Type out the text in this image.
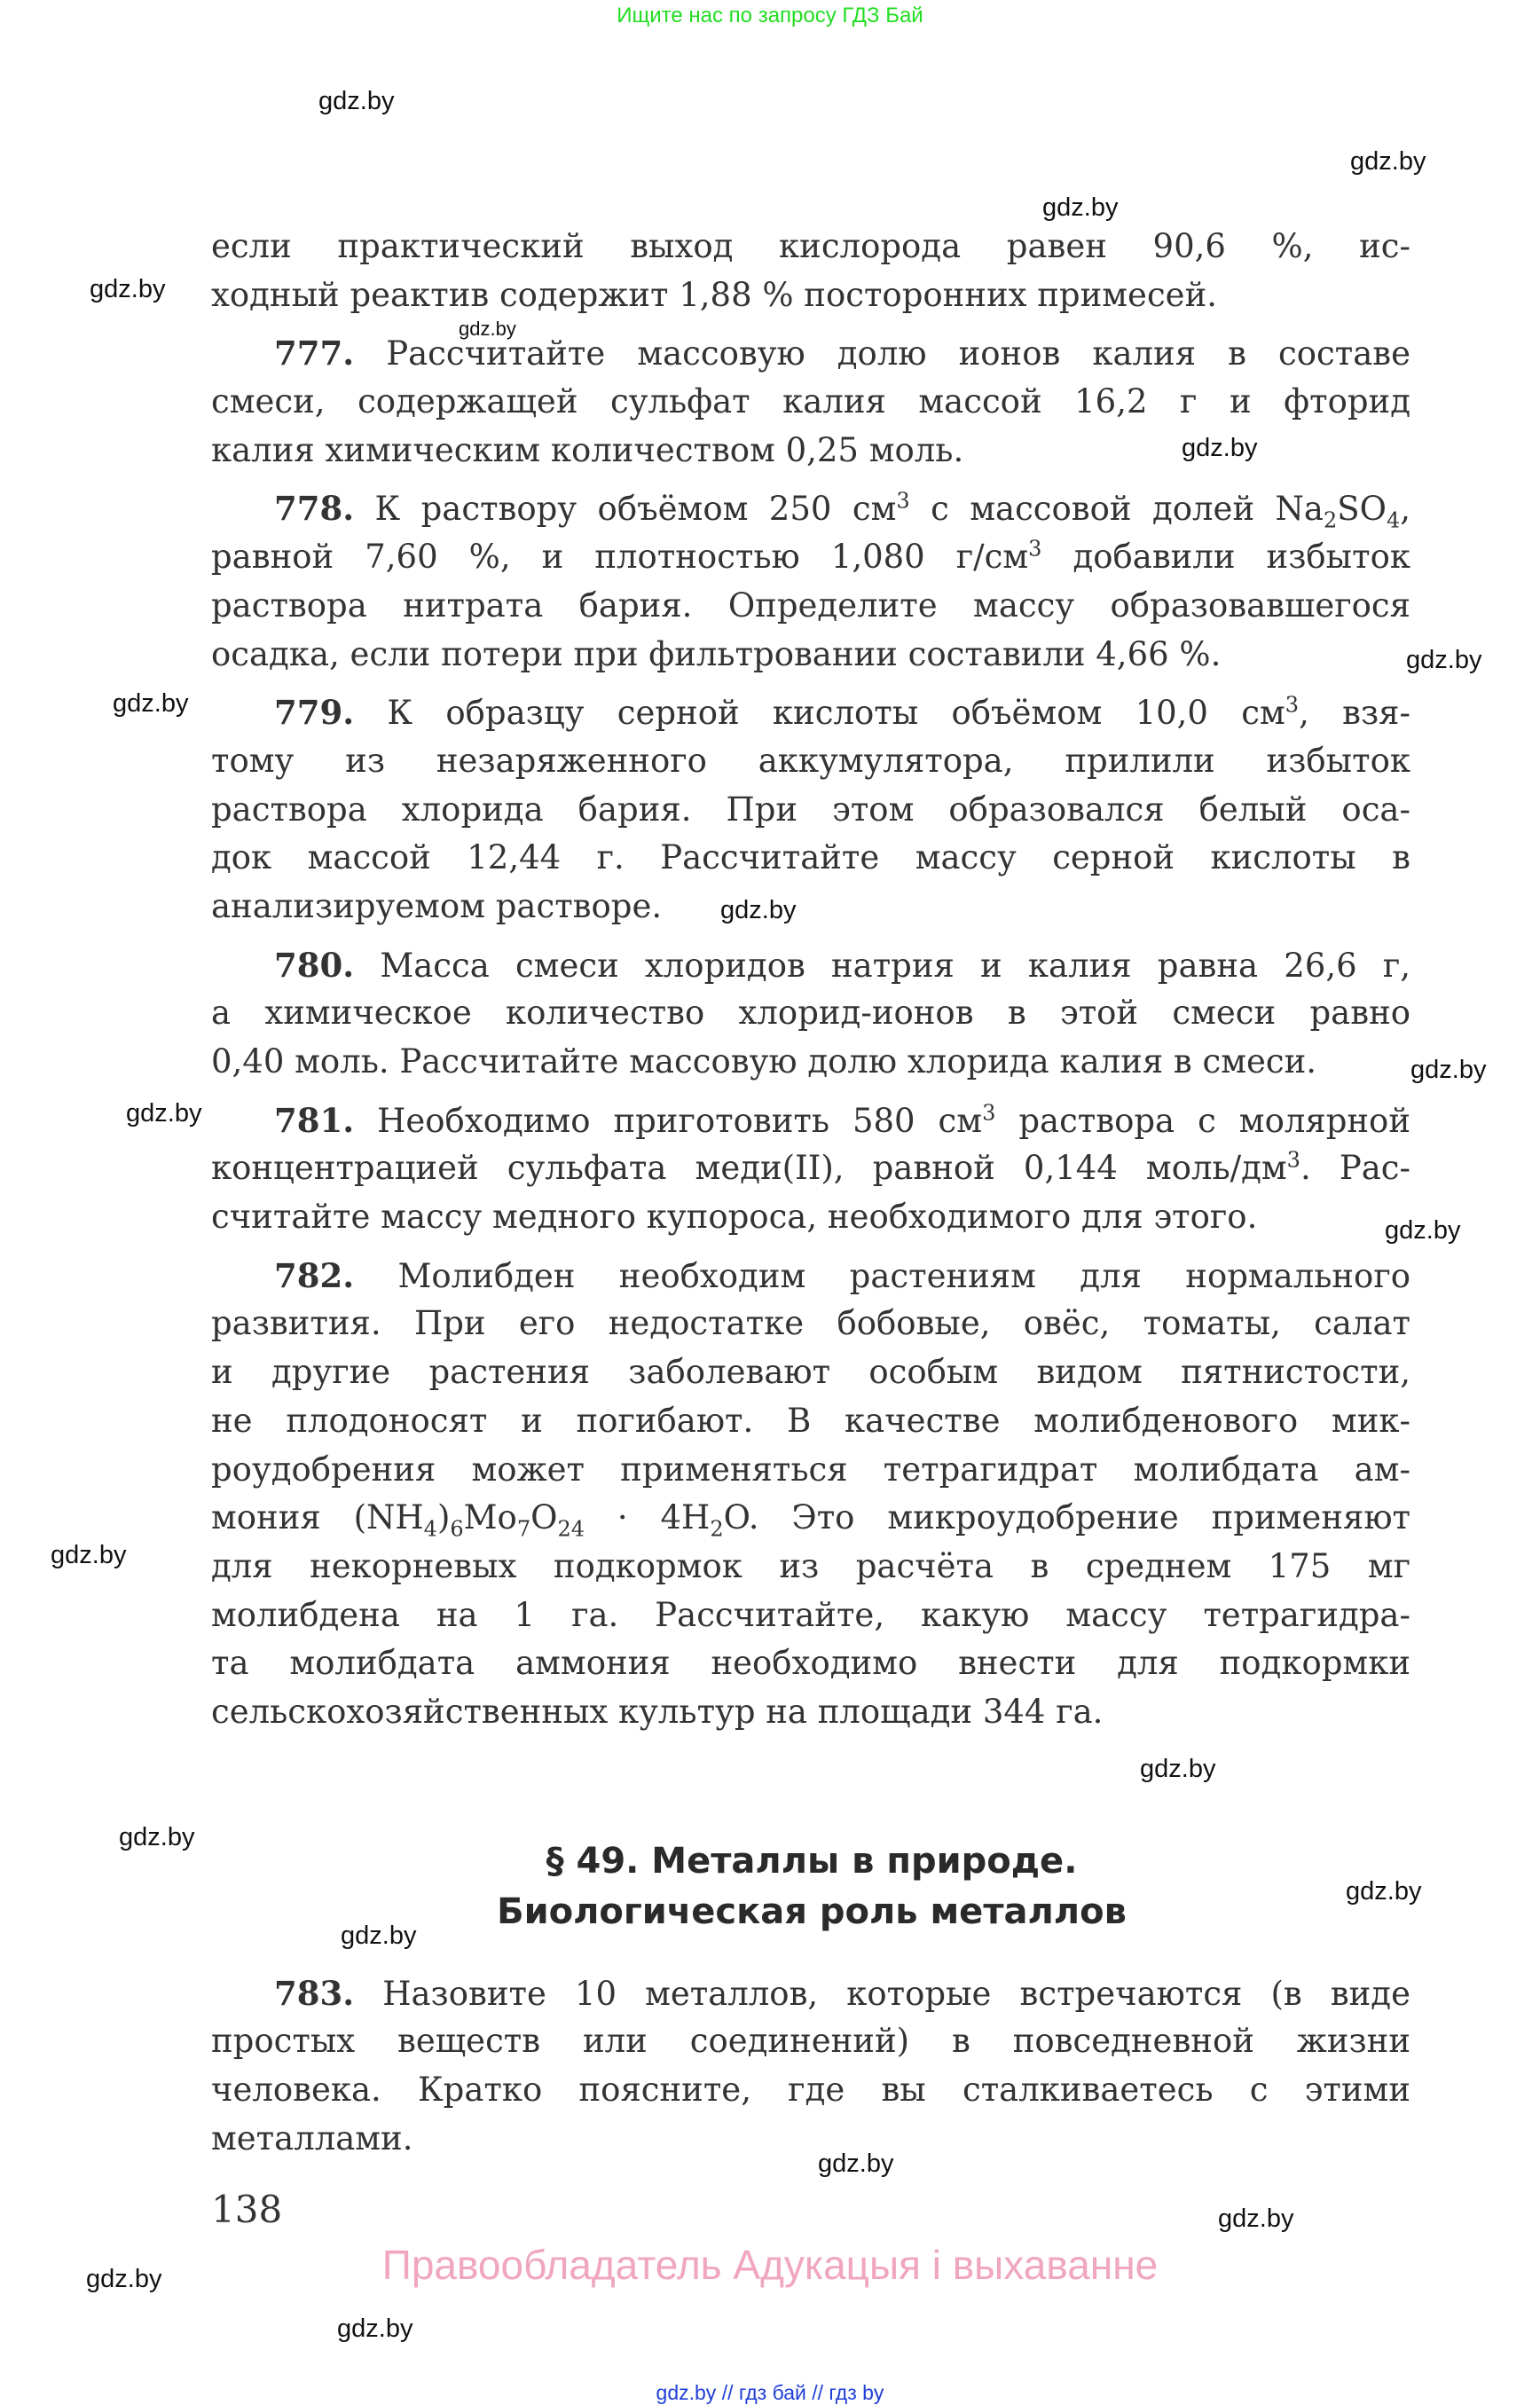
Ищите нас по запросу ГДЗ Бай
gdz.by
gdz.by
gdz.by
gdz.by
gdz.by
gdz.by
gdz.by
gdz.by
gdz.by
gdz.by
gdz.by
gdz.by
gdz.by
gdz.by
gdz.by
gdz.by
gdz.by
gdz.by
gdz.by
gdz.by
gdz.by
если практический выход кислорода равен 90,6 %, ис-
ходный реактив содержит 1,88 % посторонних примесей.
777. Рассчитайте массовую долю ионов калия в составе
смеси, содержащей сульфат калия массой 16,2 г и фторид
калия химическим количеством 0,25 моль.
778. К раствору объёмом 250 $см^3$ с массовой долей $Na_2SO_4$,
равной 7,60 %, и плотностью 1,080 $г/см^3$ добавили избыток
раствора нитрата бария. Определите массу образовавшегося
осадка, если потери при фильтровании составили 4,66 %.
779. К образцу серной кислоты объёмом 10,0 $см^3$, взя-
тому из незаряженного аккумулятора, прилили избыток
раствора хлорида бария. При этом образовался белый оса-
док массой 12,44 г. Рассчитайте массу серной кислоты в
анализируемом растворе.
780. Масса смеси хлоридов натрия и калия равна 26,6 г,
а химическое количество хлорид-ионов в этой смеси равно
0,40 моль. Рассчитайте массовую долю хлорида калия в смеси.
781. Необходимо приготовить 580 $см^3$ раствора с молярной
концентрацией сульфата меди(II), равной 0,144 моль/$дм^3$. Рас-
считайте массу медного купороса, необходимого для этого.
782. Молибден необходим растениям для нормального
развития. При его недостатке бобовые, овёс, томаты, салат
и другие растения заболевают особым видом пятнистости,
не плодоносят и погибают. В качестве молибденового мик-
роудобрения может применяться тетрагидрат молибдата ам-
мония $(NH_4)_6Mo_7O_{24} \cdot 4H_2O$. Это микроудобрение применяют
для некорневых подкормок из расчёта в среднем 175 мг
молибдена на 1 га. Рассчитайте, какую массу тетрагидра-
та молибдата аммония необходимо внести для подкормки
сельскохозяйственных культур на площади 344 га.
§ 49. Металлы в природе.
Биологическая роль металлов
783. Назовите 10 металлов, которые встречаются (в виде
простых веществ или соединений) в повседневной жизни
человека. Кратко поясните, где вы сталкиваетесь с этими
металлами.
138
Правообладатель Адукацыя і выхаванне
gdz.by // гдз бай // гдз by
